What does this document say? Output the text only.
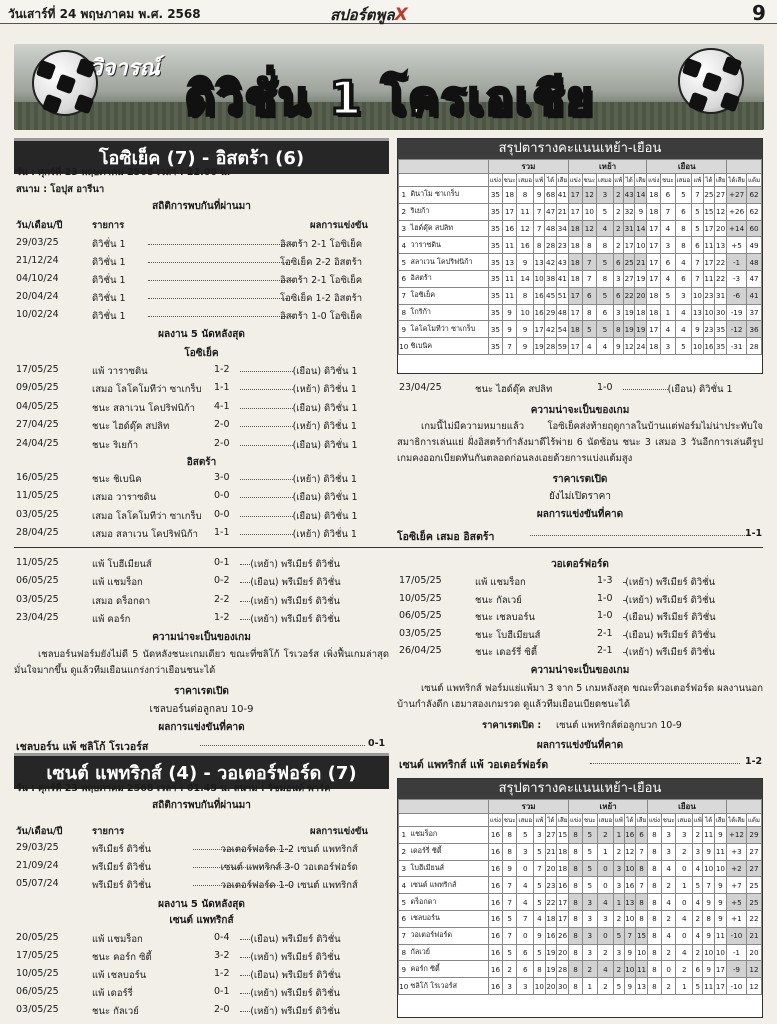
วันเสาร์ที่ 24 พฤษภาคม พ.ศ. 2568	สปอร์ตพูลX	9
วิจารณ์
ดิวิชั่น 1 โครเอเชีย
โอซิเย็ค (7) - อิสตร้า (6)
วัน : ศุกร์ที่ 23 พฤษภาคม 2568 เวลา : 22.00 น.
สนาม : โอปุส อารีนา
สถิติการพบกันที่ผ่านมา
วัน/เดือน/ปี	รายการ	ผลการแข่งขัน
29/03/25	ดิวิชั่น 1	อิสตร้า 2-1 โอซิเย็ค
21/12/24	ดิวิชั่น 1	โอซิเย็ค 2-2 อิสตร้า
04/10/24	ดิวิชั่น 1	อิสตร้า 2-1 โอซิเย็ค
20/04/24	ดิวิชั่น 1	โอซิเย็ค 1-2 อิสตร้า
10/02/24	ดิวิชั่น 1	อิสตร้า 1-0 โอซิเย็ค
ผลงาน 5 นัดหลังสุด
โอซิเย็ค
17/05/25	แพ้ วาราซดิน	1-2	(เยือน) ดิวิชั่น 1
09/05/25	เสมอ โลโคโมทีว่า ซาเกร็บ 1-1	(เหย้า) ดิวิชั่น 1
04/05/25	ชนะ สลาเวน โคปริฟนิก้า 4-1	(เยือน) ดิวิชั่น 1
27/04/25	ชนะ ไฮด์ดุ๊ค สปลิท	2-0	(เหย้า) ดิวิชั่น 1
24/04/25	ชนะ ริเยก้า	2-0	(เยือน) ดิวิชั่น 1
อิสตร้า
16/05/25	ชนะ ชิเบนิค	3-0	(เหย้า) ดิวิชั่น 1
11/05/25	เสมอ วาราซดิน	0-0	(เยือน) ดิวิชั่น 1
03/05/25	เสมอ โลโคโมทีว่า ซาเกร็บ 0-0	(เยือน) ดิวิชั่น 1
28/04/25	เสมอ สลาเวน โคปริฟนิก้า 1-1	(เหย้า) ดิวิชั่น 1
สรุปตารางคะแนนเหย้า-เยือน
		รวม						เหย้า						เยือน							
		แข่ง	ชนะ	เสมอ	แพ้	ได้	เสีย	แข่ง	ชนะ	เสมอ	แพ้	ได้	เสีย	แข่ง	ชนะ	เสมอ	แพ้	ได้	เสีย	ได้เสีย	แต้ม
1	ดินาโม ซาเกร็บ	35	18	8	9	68	41	17	12	3	2	43	14	18	6	5	7	25	27	+27	62
2	ริเยก้า	35	17	11	7	47	21	17	10	5	2	32	9	18	7	6	5	15	12	+26	62
3	ไฮด์ดุ๊ค สปลิท	35	16	12	7	48	34	18	12	4	2	31	14	17	4	8	5	17	20	+14	60
4	วาราซดิน	35	11	16	8	28	23	18	8	8	2	17	10	17	3	8	6	11	13	+5	49
5	สลาเวน โคปริฟนิก้า	35	13	9	13	42	43	18	7	5	6	25	21	17	6	4	7	17	22	-1	48
6	อิสตร้า	35	11	14	10	38	41	18	7	8	3	27	19	17	4	6	7	11	22	-3	47
7	โอซิเย็ค	35	11	8	16	45	51	17	6	5	6	22	20	18	5	3	10	23	31	-6	41
8	โกริก้า	35	9	10	16	29	48	17	8	6	3	19	18	18	1	4	13	10	30	-19	37
9	โลโคโมทีว่า ซาเกร็บ	35	9	9	17	42	54	18	5	5	8	19	19	17	4	4	9	23	35	-12	36
10	ชิเบนิค	35	7	9	19	28	59	17	4	4	9	12	24	18	3	5	10	16	35	-31	28
23/04/25	ชนะ ไฮด์ดุ๊ค สปลิท	1-0	(เยือน) ดิวิชั่น 1
ความน่าจะเป็นของเกม
เกมนี้ไม่มีความหมายแล้ว โอซิเย็คส่งท้ายฤดูกาลในบ้านแต่ฟอร์มไม่น่าประทับใจ สมาธิการเล่นแย่ ฝั่งอิสตร้ากำลังมาดีไร้พ่าย 6 นัดซ้อน ชนะ 3 เสมอ 3 วันอีกการเล่นดีรูปเกมคงออกเบียดทันกันตลอดก่อนลงเอยด้วยการแบ่งแต้มสูง
ราคาเรตเปิด
ยังไม่เปิดราคา
ผลการแข่งขันที่คาด
โอซิเย็ค เสมอ อิสตร้า	1-1
11/05/25	แพ้ โบฮีเมียนส์	0-1 (เหย้า) พรีเมียร์ ดิวิชั่น
06/05/25	แพ้ แชมร็อก	0-2 (เยือน) พรีเมียร์ ดิวิชั่น
03/05/25	เสมอ ดร็อกดา	2-2 (เหย้า) พรีเมียร์ ดิวิชั่น
23/04/25	แพ้ คอร์ก	1-2 (เหย้า) พรีเมียร์ ดิวิชั่น
ความน่าจะเป็นของเกม
เชลบอร์นฟอร์มยังไม่ดี 5 นัดหลังชนะเกมเดียว ขณะที่ซลิโก้ โรเวอร์ส เพิ่งฟื้นเกมล่าสุด มั่นใจมากขึ้น ดูแล้วทีมเยือนแกร่งกว่าเยือนชนะได้
ราคาเรตเปิด
เชลบอร์นต่อลูกลบ 10-9
ผลการแข่งขันที่คาด
เชลบอร์น แพ้ ซลิโก้ โรเวอร์ส	0-1
วอเตอร์ฟอร์ด
17/05/25	แพ้ แชมร็อก	1-3 (เหย้า) พรีเมียร์ ดิวิชั่น
10/05/25	ชนะ กัลเวย์	1-0 (เหย้า) พรีเมียร์ ดิวิชั่น
06/05/25	ชนะ เชลบอร์น	1-0 (เยือน) พรีเมียร์ ดิวิชั่น
03/05/25	ชนะ โบฮีเมียนส์	2-1 (เยือน) พรีเมียร์ ดิวิชั่น
26/04/25	ชนะ เดอร์รี่ ซิตี้	2-1 (เหย้า) พรีเมียร์ ดิวิชั่น
ความน่าจะเป็นของเกม
เซนต์ แพทริกส์ ฟอร์มแย่แพ้มา 3 จาก 5 เกมหลังสุด ขณะที่วอเตอร์ฟอร์ด ผลงานนอกบ้านกำลังดีก เฮมาสองเกมรวด ดูแล้วทีมเยือนเบียดชนะได้
ราคาเรตเปิด : เซนต์ แพทริกส์ต่อลูกบวก 10-9
ผลการแข่งขันที่คาด
เซนต์ แพทริกส์ แพ้ วอเตอร์ฟอร์ด	1-2
เซนต์ แพทริกส์ (4) - วอเตอร์ฟอร์ด (7)
วัน : ศุกร์ที่ 23 พฤษภาคม 2568 เวลา : 01.45 น. สนาม : ริชมอนด์ พาร์ค
สถิติการพบกันที่ผ่านมา
วัน/เดือน/ปี	รายการ	ผลการแข่งขัน
29/03/25	พรีเมียร์ ดิวิชั่น	วอเตอร์ฟอร์ด 1-2 เซนต์ แพทริกส์
21/09/24	พรีเมียร์ ดิวิชั่น	เซนต์ แพทริกส์ 3-0 วอเตอร์ฟอร์ด
05/07/24	พรีเมียร์ ดิวิชั่น	วอเตอร์ฟอร์ด 1-0 เซนต์ แพทริกส์
ผลงาน 5 นัดหลังสุด
เซนต์ แพทริกส์
20/05/25	แพ้ แชมร็อก	0-4 (เยือน) พรีเมียร์ ดิวิชั่น
17/05/25	ชนะ คอร์ก ซิตี้	3-2 (เหย้า) พรีเมียร์ ดิวิชั่น
10/05/25	แพ้ เชลบอร์น	1-2 (เยือน) พรีเมียร์ ดิวิชั่น
06/05/25	แพ้ เดอร์รี่	0-1 (เหย้า) พรีเมียร์ ดิวิชั่น
03/05/25	ชนะ กัลเวย์	2-0 (เหย้า) พรีเมียร์ ดิวิชั่น
สรุปตารางคะแนนเหย้า-เยือน
		รวม						เหย้า						เยือน							
		แข่ง	ชนะ	เสมอ	แพ้	ได้	เสีย	แข่ง	ชนะ	เสมอ	แพ้	ได้	เสีย	แข่ง	ชนะ	เสมอ	แพ้	ได้	เสีย	ได้เสีย	แต้ม
1	แชมร็อก	16	8	5	3	27	15	8	5	2	1	16	6	8	3	3	2	11	9	+12	29
2	เดอร์รี่ ซิตี้	16	8	3	5	21	18	8	5	1	2	12	7	8	3	2	3	9	11	+3	27
3	โบฮีเมียนส์	16	9	0	7	20	18	8	5	0	3	10	8	8	4	0	4	10	10	+2	27
4	เซนต์ แพทริกส์	16	7	4	5	23	16	8	5	0	3	16	7	8	2	1	5	7	9	+7	25
5	ดร็อกดา	16	7	4	5	22	17	8	3	4	1	13	8	8	4	0	4	9	9	+5	25
6	เชลบอร์น	16	5	7	4	18	17	8	3	3	2	10	8	8	2	4	2	8	9	+1	22
7	วอเตอร์ฟอร์ด	16	7	0	9	16	26	8	3	0	5	7	15	8	4	0	4	9	11	-10	21
8	กัลเวย์	16	5	6	5	19	20	8	3	2	3	9	10	8	2	4	2	10	10	-1	20
9	คอร์ก ซิตี้	16	2	6	8	19	28	8	2	4	2	10	11	8	0	2	6	9	17	-9	12
10	ซลิโก้ โรเวอร์ส	16	3	3	10	20	30	8	1	2	5	9	13	8	2	1	5	11	17	-10	12
